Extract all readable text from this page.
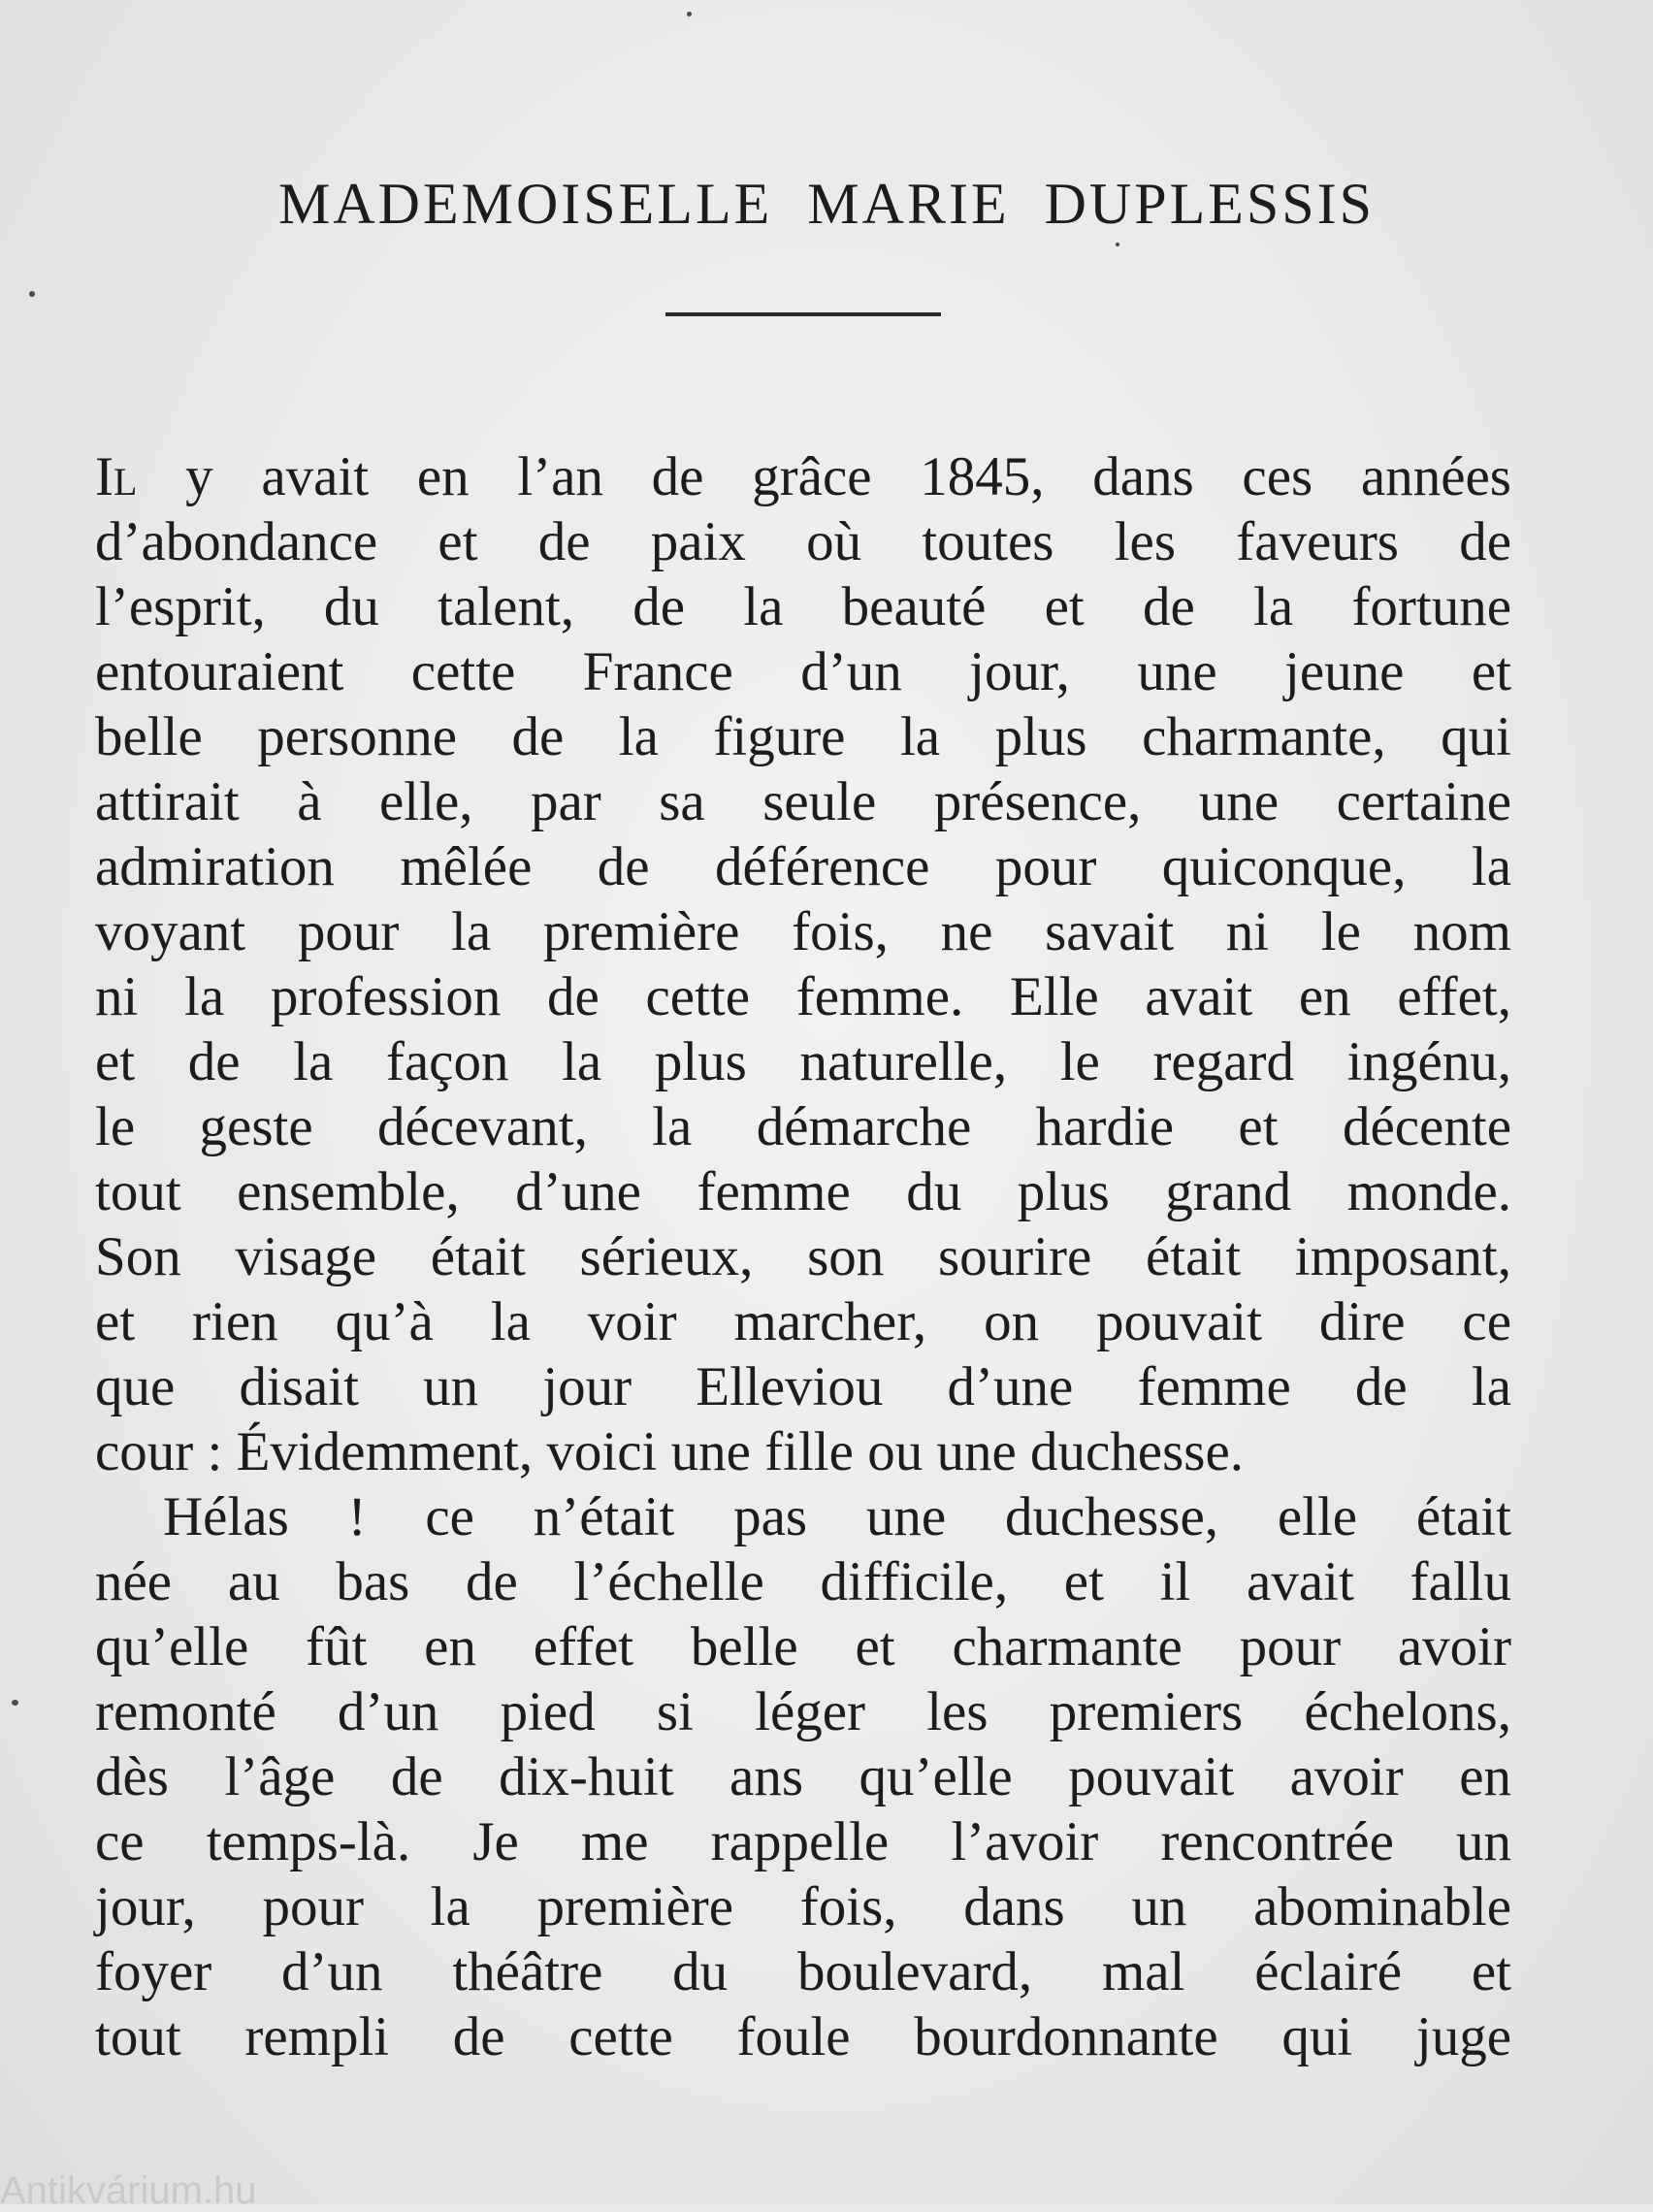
MADEMOISELLE MARIE DUPLESSIS
Il y avait en l’an de grâce 1845, dans ces années
d’abondance et de paix où toutes les faveurs de
l’esprit, du talent, de la beauté et de la fortune
entouraient cette France d’un jour, une jeune et
belle personne de la figure la plus charmante, qui
attirait à elle, par sa seule présence, une certaine
admiration mêlée de déférence pour quiconque, la
voyant pour la première fois, ne savait ni le nom
ni la profession de cette femme. Elle avait en effet,
et de la façon la plus naturelle, le regard ingénu,
le geste décevant, la démarche hardie et décente
tout ensemble, d’une femme du plus grand monde.
Son visage était sérieux, son sourire était imposant,
et rien qu’à la voir marcher, on pouvait dire ce
que disait un jour Elleviou d’une femme de la
cour : Évidemment, voici une fille ou une duchesse.
Hélas ! ce n’était pas une duchesse, elle était
née au bas de l’échelle difficile, et il avait fallu
qu’elle fût en effet belle et charmante pour avoir
remonté d’un pied si léger les premiers échelons,
dès l’âge de dix-huit ans qu’elle pouvait avoir en
ce temps-là. Je me rappelle l’avoir rencontrée un
jour, pour la première fois, dans un abominable
foyer d’un théâtre du boulevard, mal éclairé et
tout rempli de cette foule bourdonnante qui juge
Antikvárium.hu
